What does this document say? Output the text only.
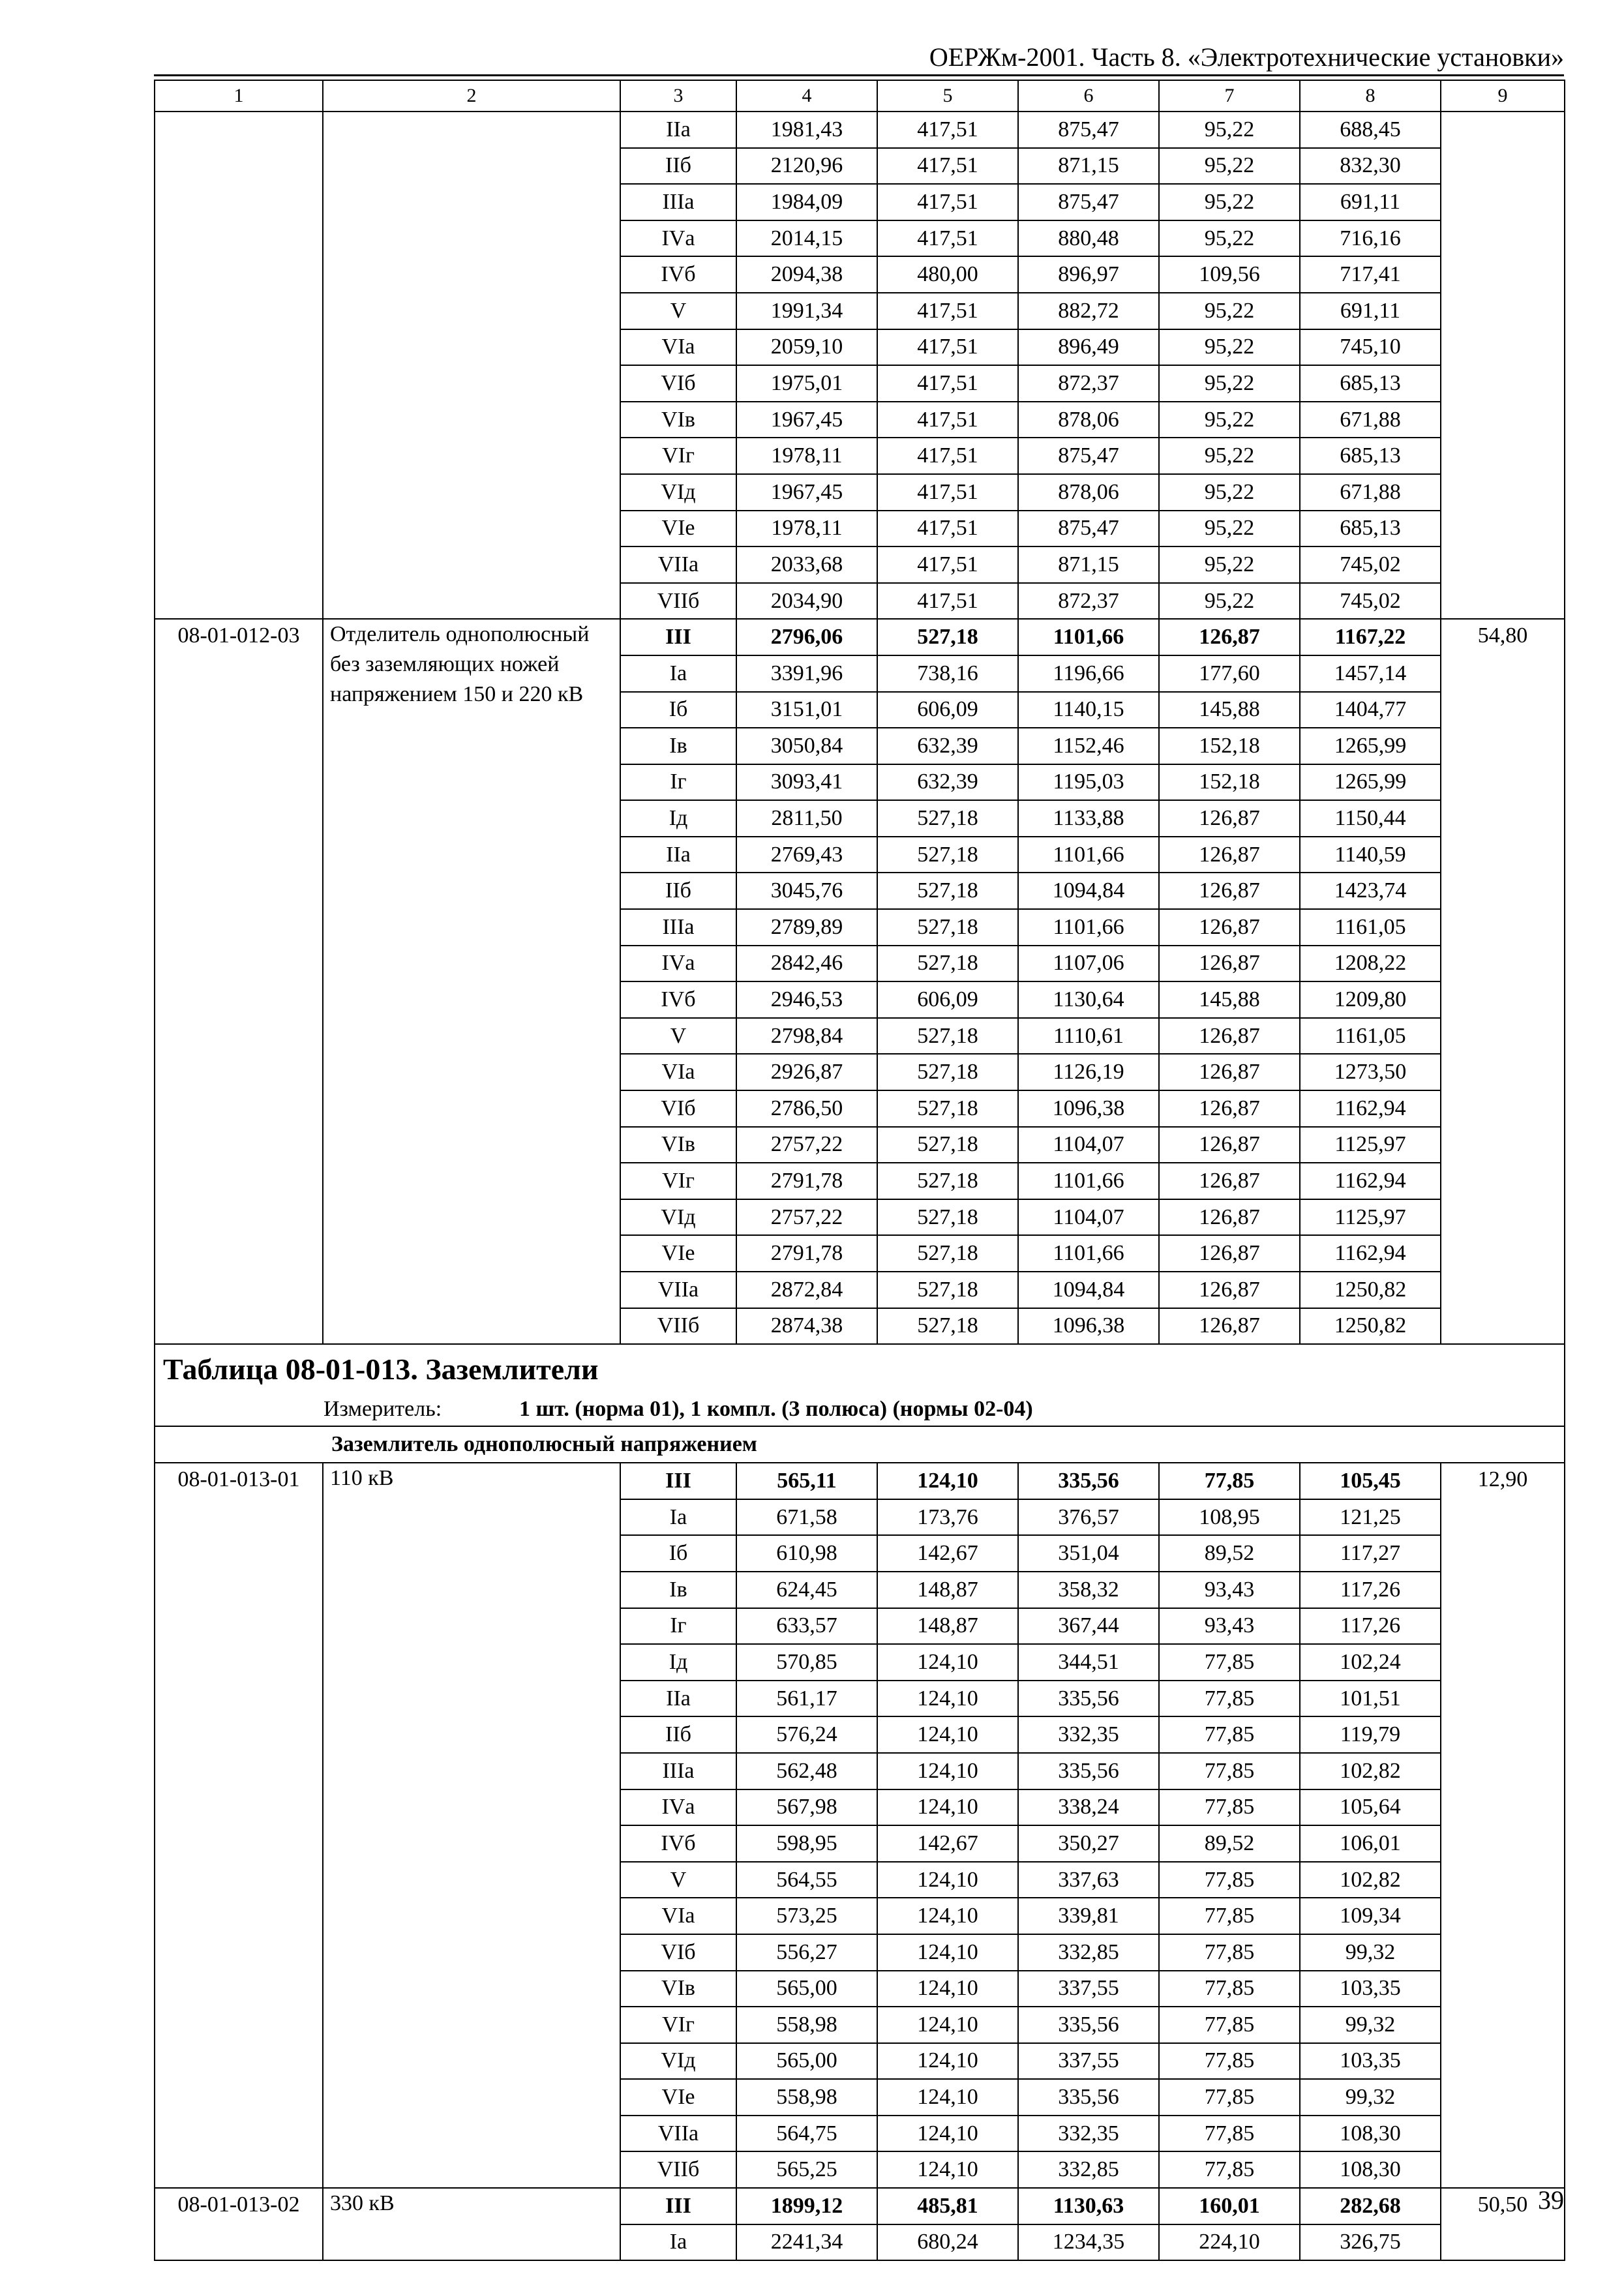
ОЕРЖм-2001. Часть 8. «Электротехнические установки»
1	2	3	4	5	6	7	8	9
		IIа	1981,43	417,51	875,47	95,22	688,45	
		IIб	2120,96	417,51	871,15	95,22	832,30	
		IIIа	1984,09	417,51	875,47	95,22	691,11	
		IVа	2014,15	417,51	880,48	95,22	716,16	
		IVб	2094,38	480,00	896,97	109,56	717,41	
		V	1991,34	417,51	882,72	95,22	691,11	
		VIа	2059,10	417,51	896,49	95,22	745,10	
		VIб	1975,01	417,51	872,37	95,22	685,13	
		VIв	1967,45	417,51	878,06	95,22	671,88	
		VIг	1978,11	417,51	875,47	95,22	685,13	
		VIд	1967,45	417,51	878,06	95,22	671,88	
		VIе	1978,11	417,51	875,47	95,22	685,13	
		VIIа	2033,68	417,51	871,15	95,22	745,02	
		VIIб	2034,90	417,51	872,37	95,22	745,02	
08-01-012-03	Отделитель однополюсный без заземляющих ножей напряжением 150 и 220 кВ	III	2796,06	527,18	1101,66	126,87	1167,22	54,80
		Iа	3391,96	738,16	1196,66	177,60	1457,14	
		Iб	3151,01	606,09	1140,15	145,88	1404,77	
		Iв	3050,84	632,39	1152,46	152,18	1265,99	
		Iг	3093,41	632,39	1195,03	152,18	1265,99	
		Iд	2811,50	527,18	1133,88	126,87	1150,44	
		IIа	2769,43	527,18	1101,66	126,87	1140,59	
		IIб	3045,76	527,18	1094,84	126,87	1423,74	
		IIIа	2789,89	527,18	1101,66	126,87	1161,05	
		IVа	2842,46	527,18	1107,06	126,87	1208,22	
		IVб	2946,53	606,09	1130,64	145,88	1209,80	
		V	2798,84	527,18	1110,61	126,87	1161,05	
		VIа	2926,87	527,18	1126,19	126,87	1273,50	
		VIб	2786,50	527,18	1096,38	126,87	1162,94	
		VIв	2757,22	527,18	1104,07	126,87	1125,97	
		VIг	2791,78	527,18	1101,66	126,87	1162,94	
		VIд	2757,22	527,18	1104,07	126,87	1125,97	
		VIе	2791,78	527,18	1101,66	126,87	1162,94	
		VIIа	2872,84	527,18	1094,84	126,87	1250,82	
		VIIб	2874,38	527,18	1096,38	126,87	1250,82	
Таблица 08-01-013. Заземлители								
Измеритель: 1 шт. (норма 01), 1 компл. (3 полюса) (нормы 02-04)								
Заземлитель однополюсный напряжением								
08-01-013-01	110 кВ	III	565,11	124,10	335,56	77,85	105,45	12,90
		Iа	671,58	173,76	376,57	108,95	121,25	
		Iб	610,98	142,67	351,04	89,52	117,27	
		Iв	624,45	148,87	358,32	93,43	117,26	
		Iг	633,57	148,87	367,44	93,43	117,26	
		Iд	570,85	124,10	344,51	77,85	102,24	
		IIа	561,17	124,10	335,56	77,85	101,51	
		IIб	576,24	124,10	332,35	77,85	119,79	
		IIIа	562,48	124,10	335,56	77,85	102,82	
		IVа	567,98	124,10	338,24	77,85	105,64	
		IVб	598,95	142,67	350,27	89,52	106,01	
		V	564,55	124,10	337,63	77,85	102,82	
		VIа	573,25	124,10	339,81	77,85	109,34	
		VIб	556,27	124,10	332,85	77,85	99,32	
		VIв	565,00	124,10	337,55	77,85	103,35	
		VIг	558,98	124,10	335,56	77,85	99,32	
		VIд	565,00	124,10	337,55	77,85	103,35	
		VIе	558,98	124,10	335,56	77,85	99,32	
		VIIа	564,75	124,10	332,35	77,85	108,30	
		VIIб	565,25	124,10	332,85	77,85	108,30	
08-01-013-02	330 кВ	III	1899,12	485,81	1130,63	160,01	282,68	50,50
		Iа	2241,34	680,24	1234,35	224,10	326,75	
39
